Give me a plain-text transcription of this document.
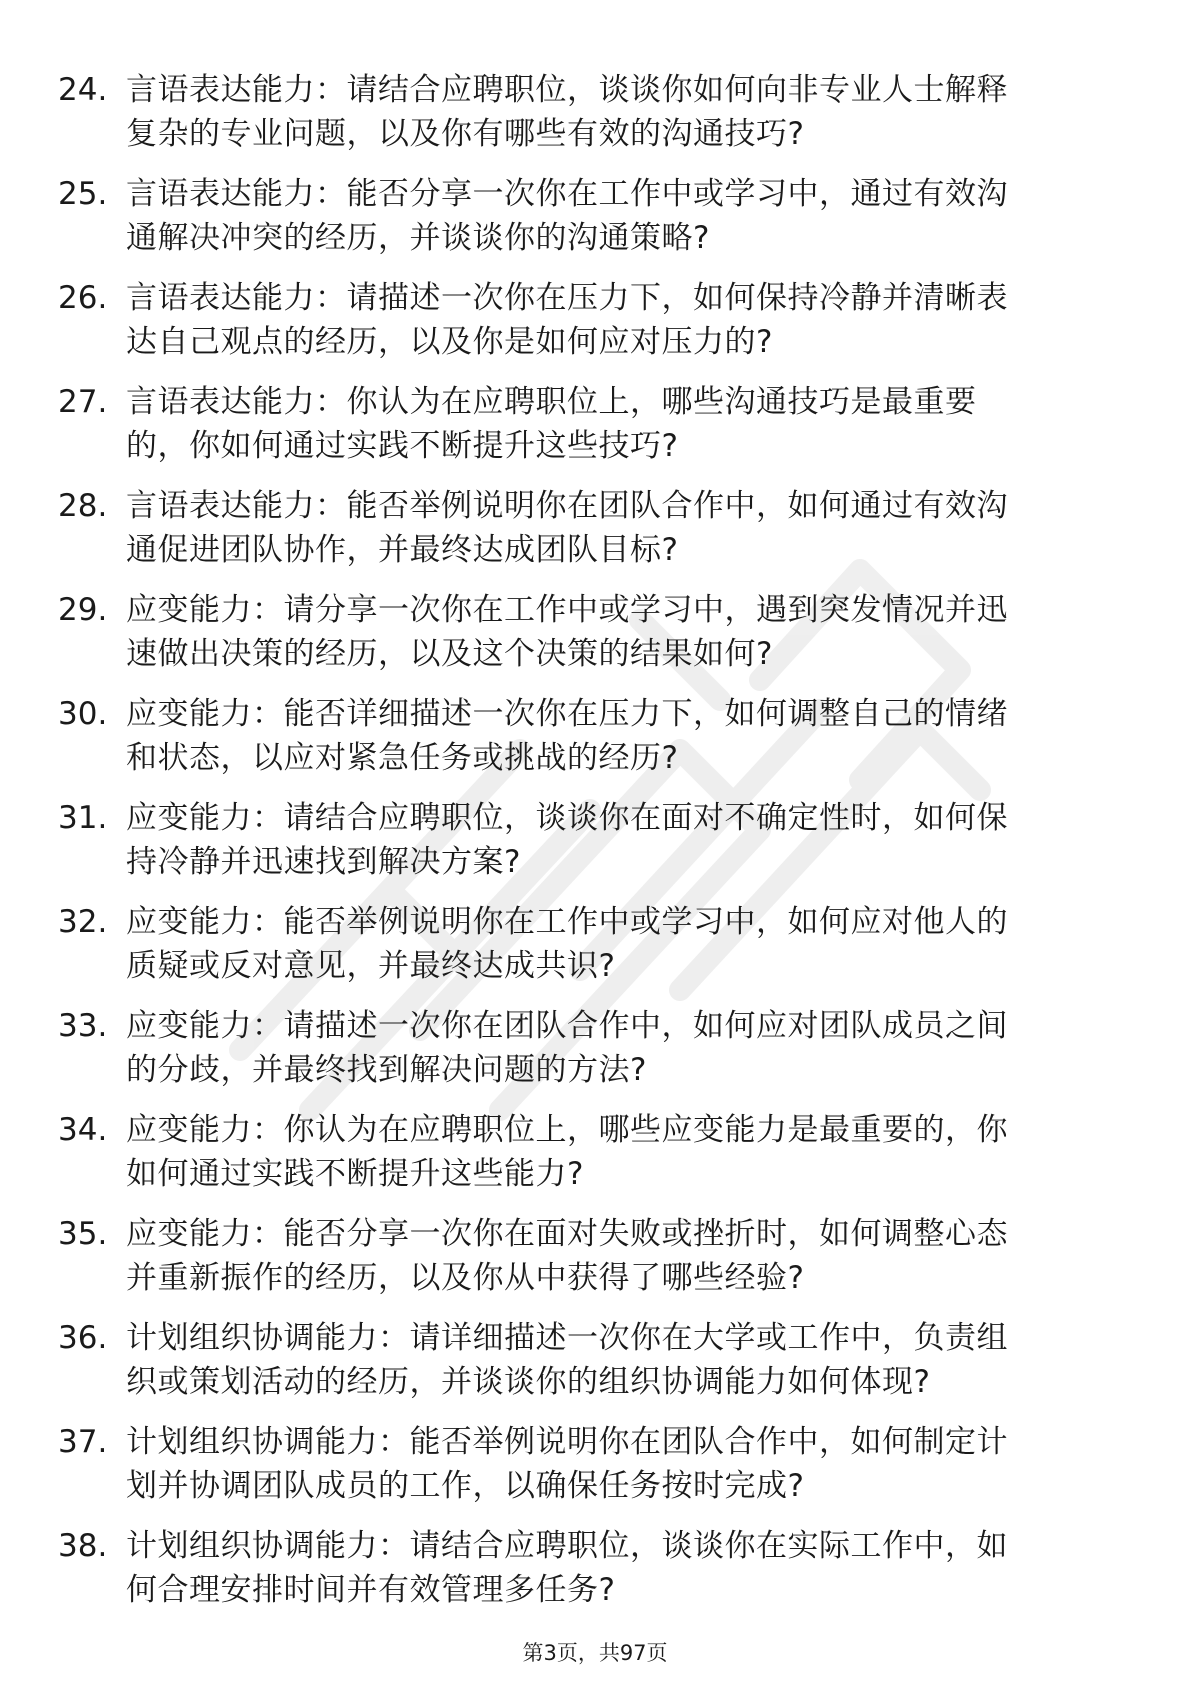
24. 言语表达能力：请结合应聘职位，谈谈你如何向非专业人士解释
复杂的专业问题，以及你有哪些有效的沟通技巧?
25. 言语表达能力：能否分享一次你在工作中或学习中，通过有效沟
通解决冲突的经历，并谈谈你的沟通策略?
26. 言语表达能力：请描述一次你在压力下，如何保持冷静并清晰表
达自己观点的经历，以及你是如何应对压力的?
27. 言语表达能力：你认为在应聘职位上，哪些沟通技巧是最重要
的，你如何通过实践不断提升这些技巧?
28. 言语表达能力：能否举例说明你在团队合作中，如何通过有效沟
通促进团队协作，并最终达成团队目标?
29. 应变能力：请分享一次你在工作中或学习中，遇到突发情况并迅
速做出决策的经历，以及这个决策的结果如何?
30. 应变能力：能否详细描述一次你在压力下，如何调整自己的情绪
和状态，以应对紧急任务或挑战的经历?
31. 应变能力：请结合应聘职位，谈谈你在面对不确定性时，如何保
持冷静并迅速找到解决方案?
32. 应变能力：能否举例说明你在工作中或学习中，如何应对他人的
质疑或反对意见，并最终达成共识?
33. 应变能力：请描述一次你在团队合作中，如何应对团队成员之间
的分歧，并最终找到解决问题的方法?
34. 应变能力：你认为在应聘职位上，哪些应变能力是最重要的，你
如何通过实践不断提升这些能力?
35. 应变能力：能否分享一次你在面对失败或挫折时，如何调整心态
并重新振作的经历，以及你从中获得了哪些经验?
36. 计划组织协调能力：请详细描述一次你在大学或工作中，负责组
织或策划活动的经历，并谈谈你的组织协调能力如何体现?
37. 计划组织协调能力：能否举例说明你在团队合作中，如何制定计
划并协调团队成员的工作，以确保任务按时完成?
38. 计划组织协调能力：请结合应聘职位，谈谈你在实际工作中，如
何合理安排时间并有效管理多任务?
第3页，共97页
